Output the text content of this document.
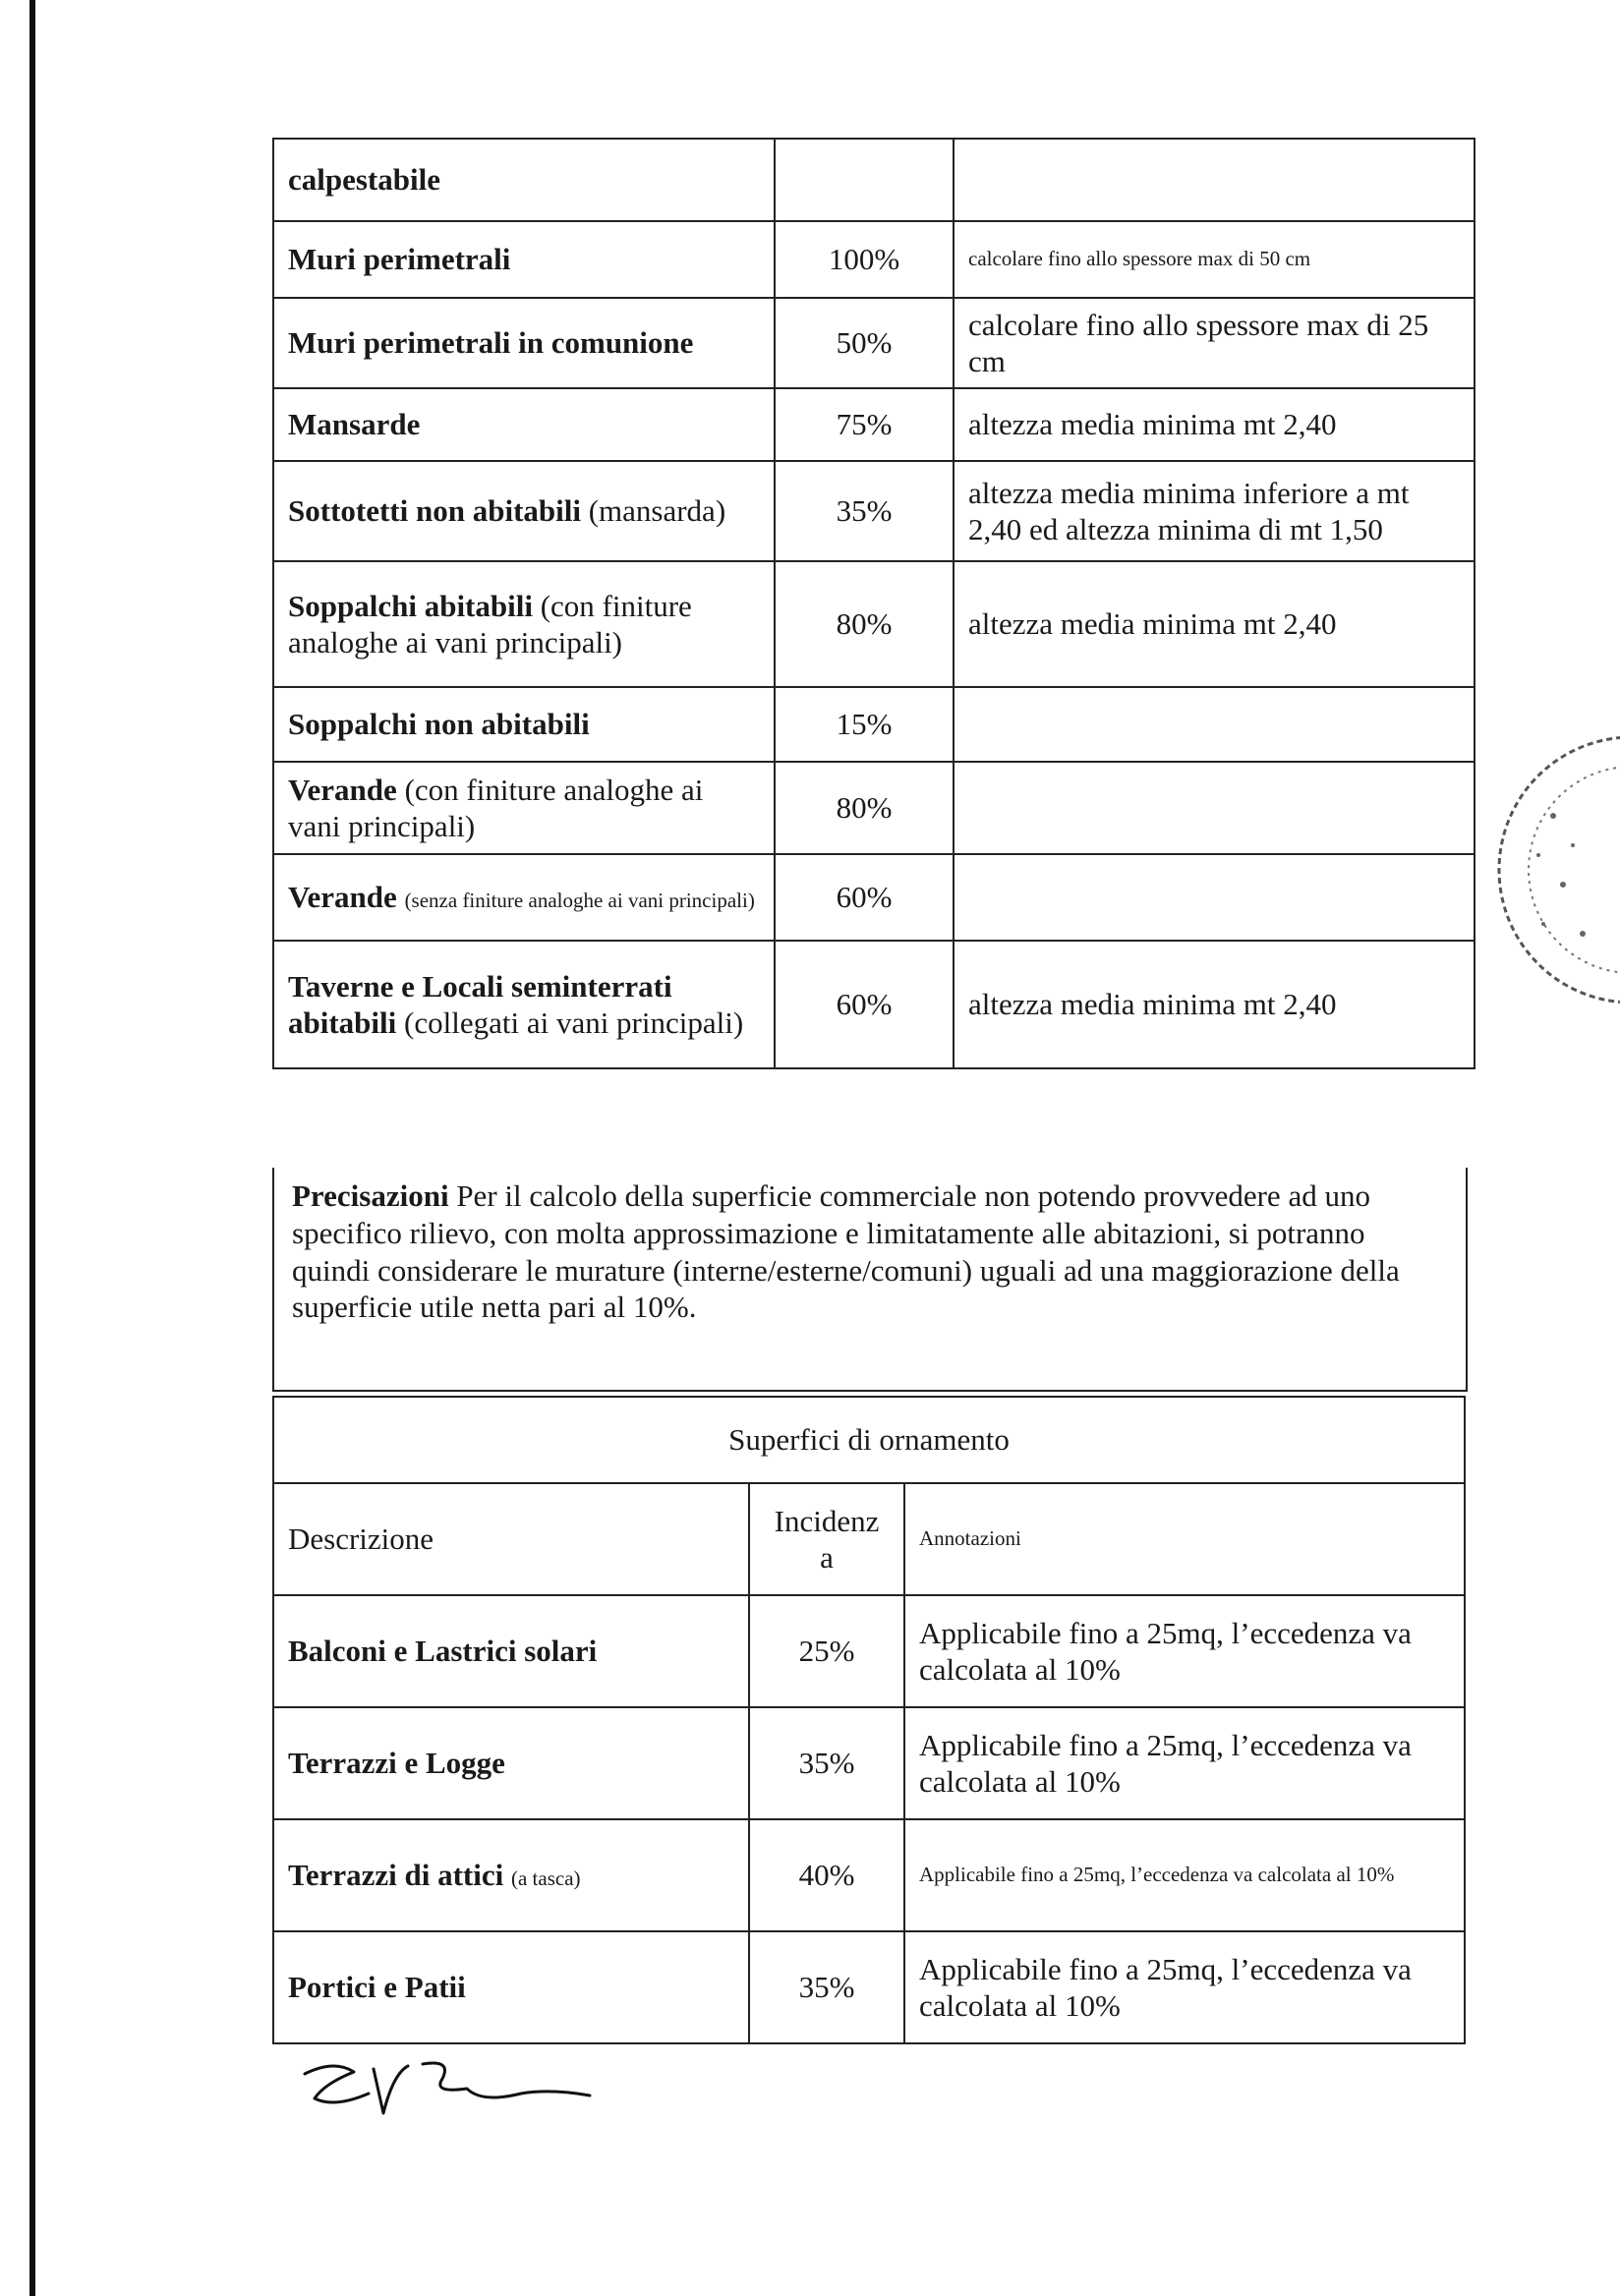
calpestabile		
Muri perimetrali	100%	calcolare fino allo spessore max di 50 cm
Muri perimetrali in comunione	50%	calcolare fino allo spessore max di 25 cm
Mansarde	75%	altezza media minima mt 2,40
Sottotetti non abitabili (mansarda)	35%	altezza media minima inferiore a mt 2,40 ed altezza minima di mt 1,50
Soppalchi abitabili (con finiture analoghe ai vani principali)	80%	altezza media minima mt 2,40
Soppalchi non abitabili	15%	
Verande (con finiture analoghe ai vani principali)	80%	
Verande (senza finiture analoghe ai vani principali)	60%	
Taverne e Locali seminterrati abitabili (collegati ai vani principali)	60%	altezza media minima mt 2,40
Precisazioni Per il calcolo della superficie commerciale non potendo provvedere ad uno specifico rilievo, con molta approssimazione e limitatamente alle abitazioni, si potranno quindi considerare le murature (interne/esterne/comuni) uguali ad una maggiorazione della superficie utile netta pari al 10%.
Superfici di ornamento		
Descrizione	Incidenz a	Annotazioni
Balconi e Lastrici solari	25%	Applicabile fino a 25mq, l’eccedenza va calcolata al 10%
Terrazzi e Logge	35%	Applicabile fino a 25mq, l’eccedenza va calcolata al 10%
Terrazzi di attici (a tasca)	40%	Applicabile fino a 25mq, l’eccedenza va calcolata al 10%
Portici e Patii	35%	Applicabile fino a 25mq, l’eccedenza va calcolata al 10%
